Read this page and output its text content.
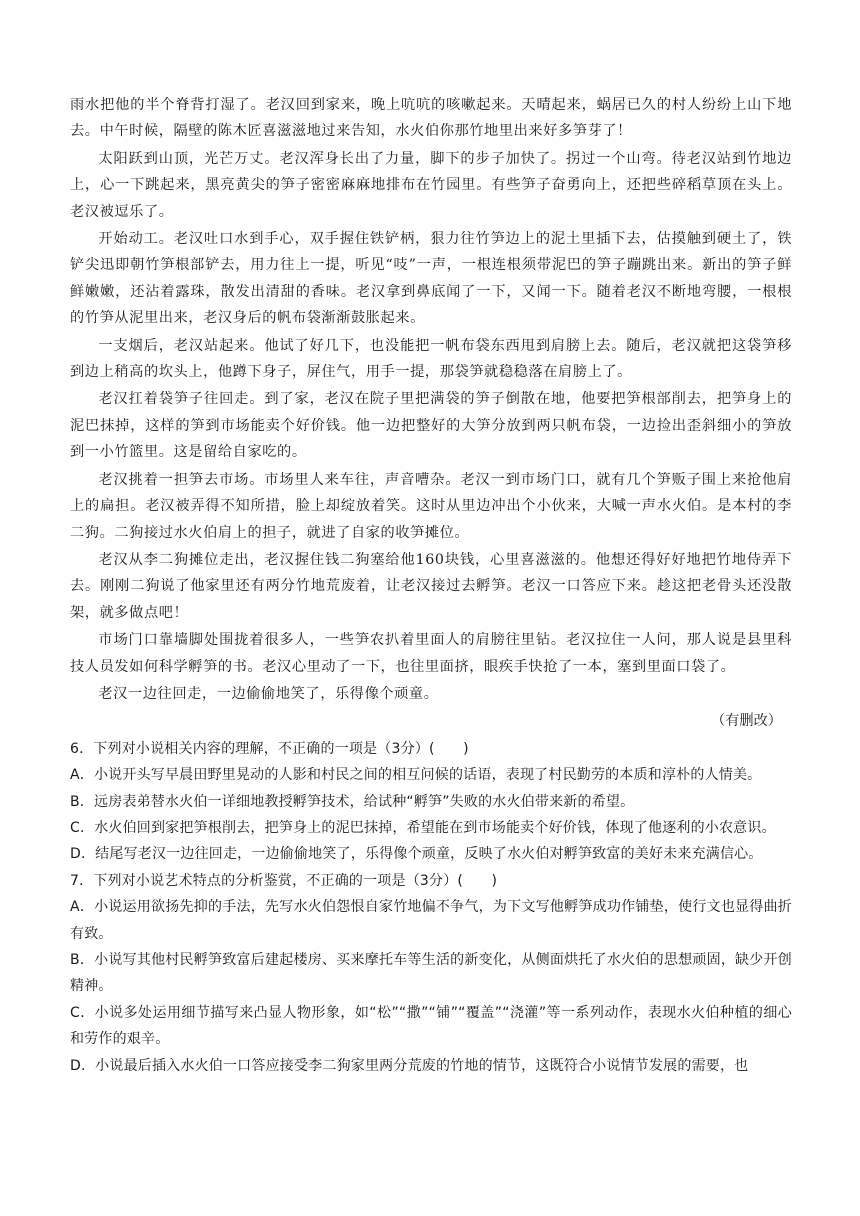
雨水把他的半个脊背打湿了。老汉回到家来，晚上吭吭的咳嗽起来。天晴起来，蜗居已久的村人纷纷上山下地去。中午时候，隔壁的陈木匠喜滋滋地过来告知，水火伯你那竹地里出来好多笋芽了！

太阳跃到山顶，光芒万丈。老汉浑身长出了力量，脚下的步子加快了。拐过一个山弯。待老汉站到竹地边上，心一下跳起来，黑亮黄尖的笋子密密麻麻地排布在竹园里。有些笋子奋勇向上，还把些碎稻草顶在头上。老汉被逗乐了。

开始动工。老汉吐口水到手心，双手握住铁铲柄，狠力往竹笋边上的泥土里插下去，估摸触到硬土了，铁铲尖迅即朝竹笋根部铲去，用力往上一提，听见“吱”一声，一根连根须带泥巴的笋子蹦跳出来。新出的笋子鲜鲜嫩嫩，还沾着露珠，散发出清甜的香味。老汉拿到鼻底闻了一下，又闻一下。随着老汉不断地弯腰，一根根的竹笋从泥里出来，老汉身后的帆布袋渐渐鼓胀起来。

一支烟后，老汉站起来。他试了好几下，也没能把一帆布袋东西甩到肩膀上去。随后，老汉就把这袋笋移到边上稍高的坎头上，他蹲下身子，屏住气，用手一提，那袋笋就稳稳落在肩膀上了。

老汉扛着袋笋子往回走。到了家，老汉在院子里把满袋的笋子倒散在地，他要把笋根部削去，把笋身上的泥巴抹掉，这样的笋到市场能卖个好价钱。他一边把整好的大笋分放到两只帆布袋，一边捡出歪斜细小的笋放到一小竹篮里。这是留给自家吃的。

老汉挑着一担笋去市场。市场里人来车往，声音嘈杂。老汉一到市场门口，就有几个笋贩子围上来抢他肩上的扁担。老汉被弄得不知所措，脸上却绽放着笑。这时从里边冲出个小伙来，大喊一声水火伯。是本村的李二狗。二狗接过水火伯肩上的担子，就进了自家的收笋摊位。

老汉从李二狗摊位走出，老汉握住钱二狗塞给他160块钱，心里喜滋滋的。他想还得好好地把竹地侍弄下去。刚刚二狗说了他家里还有两分竹地荒废着，让老汉接过去孵笋。老汉一口答应下来。趁这把老骨头还没散架，就多做点吧！

市场门口靠墙脚处围拢着很多人，一些笋农扒着里面人的肩膀往里钻。老汉拉住一人问，那人说是县里科技人员发如何科学孵笋的书。老汉心里动了一下，也往里面挤，眼疾手快抢了一本，塞到里面口袋了。

老汉一边往回走，一边偷偷地笑了，乐得像个顽童。

（有删改）

6．下列对小说相关内容的理解，不正确的一项是（3分）(　　)

A．小说开头写早晨田野里晃动的人影和村民之间的相互问候的话语，表现了村民勤劳的本质和淳朴的人情美。

B．远房表弟替水火伯一详细地教授孵笋技术，给试种“孵笋”失败的水火伯带来新的希望。

C．水火伯回到家把笋根削去，把笋身上的泥巴抹掉，希望能在到市场能卖个好价钱，体现了他逐利的小农意识。

D．结尾写老汉一边往回走，一边偷偷地笑了，乐得像个顽童，反映了水火伯对孵笋致富的美好未来充满信心。

7．下列对小说艺术特点的分析鉴赏，不正确的一项是（3分）(　　)

A．小说运用欲扬先抑的手法，先写水火伯怨恨自家竹地偏不争气，为下文写他孵笋成功作铺垫，使行文也显得曲折有致。

B．小说写其他村民孵笋致富后建起楼房、买来摩托车等生活的新变化，从侧面烘托了水火伯的思想顽固，缺少开创精神。

C．小说多处运用细节描写来凸显人物形象，如“松”“撒”“铺”“覆盖”“浇灌”等一系列动作，表现水火伯种植的细心和劳作的艰辛。

D．小说最后插入水火伯一口答应接受李二狗家里两分荒废的竹地的情节，这既符合小说情节发展的需要，也
